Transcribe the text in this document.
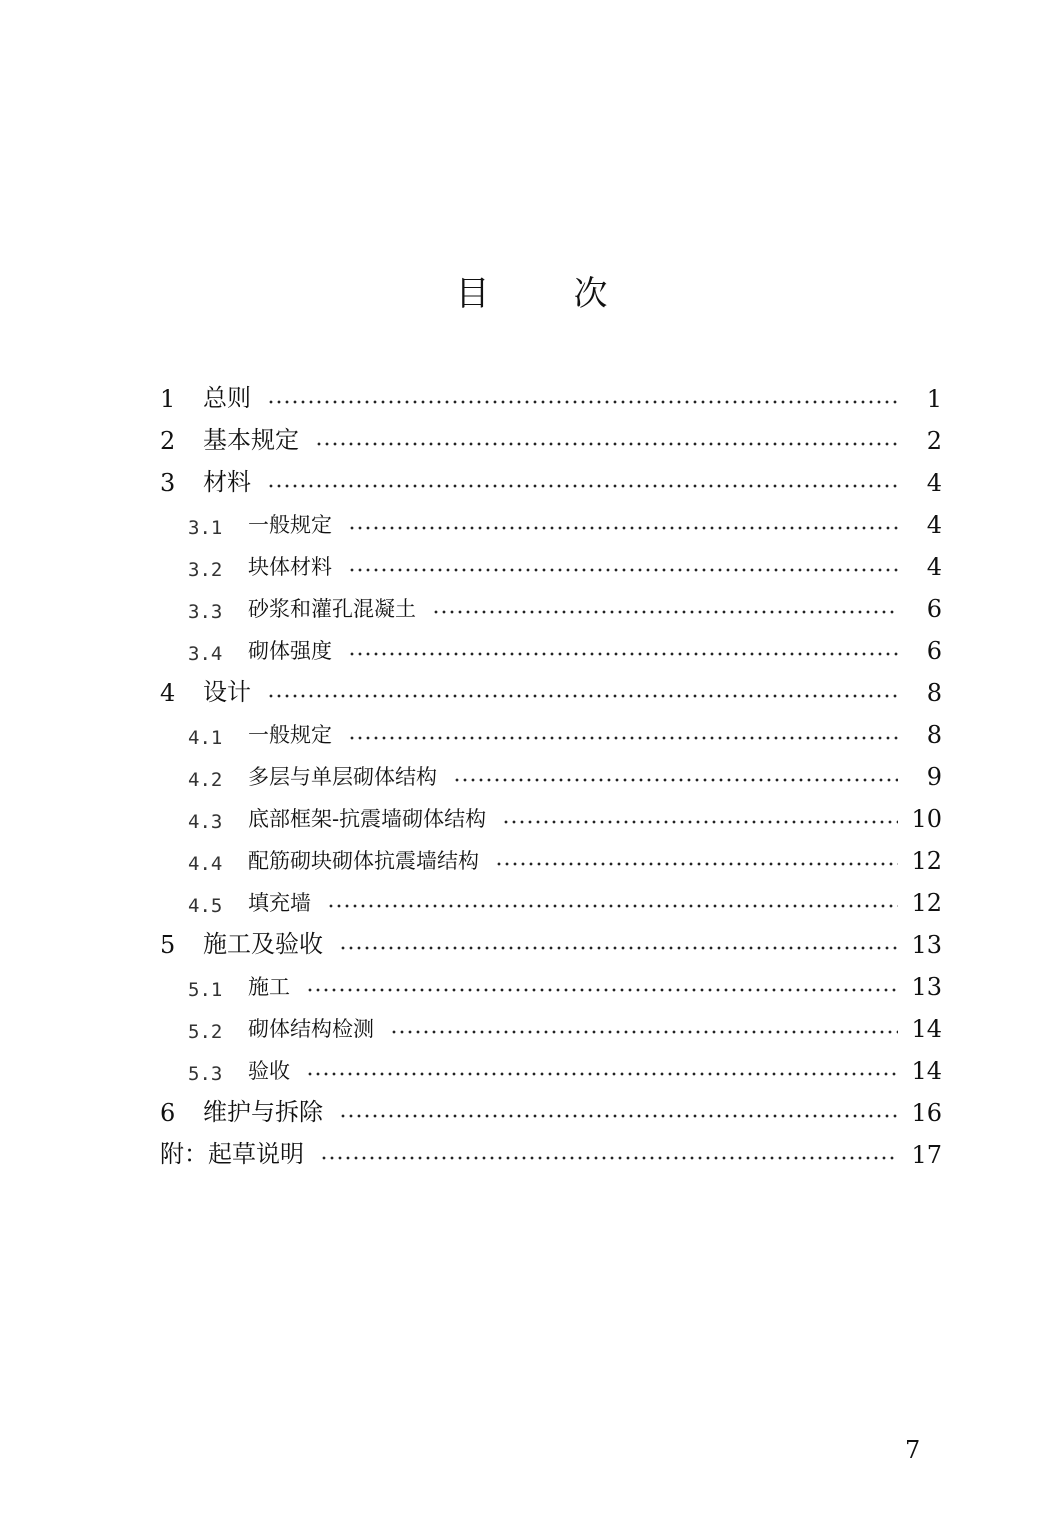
目 次
1	总则	1
2	基本规定	2
3	材料	4
3.1	一般规定	4
3.2	块体材料	4
3.3	砂浆和灌孔混凝土	6
3.4	砌体强度	6
4	设计	8
4.1	一般规定	8
4.2	多层与单层砌体结构	9
4.3	底部框架-抗震墙砌体结构	10
4.4	配筋砌块砌体抗震墙结构	12
4.5	填充墙	12
5	施工及验收	13
5.1	施工	13
5.2	砌体结构检测	14
5.3	验收	14
6	维护与拆除	16
附：起草说明	17
7
